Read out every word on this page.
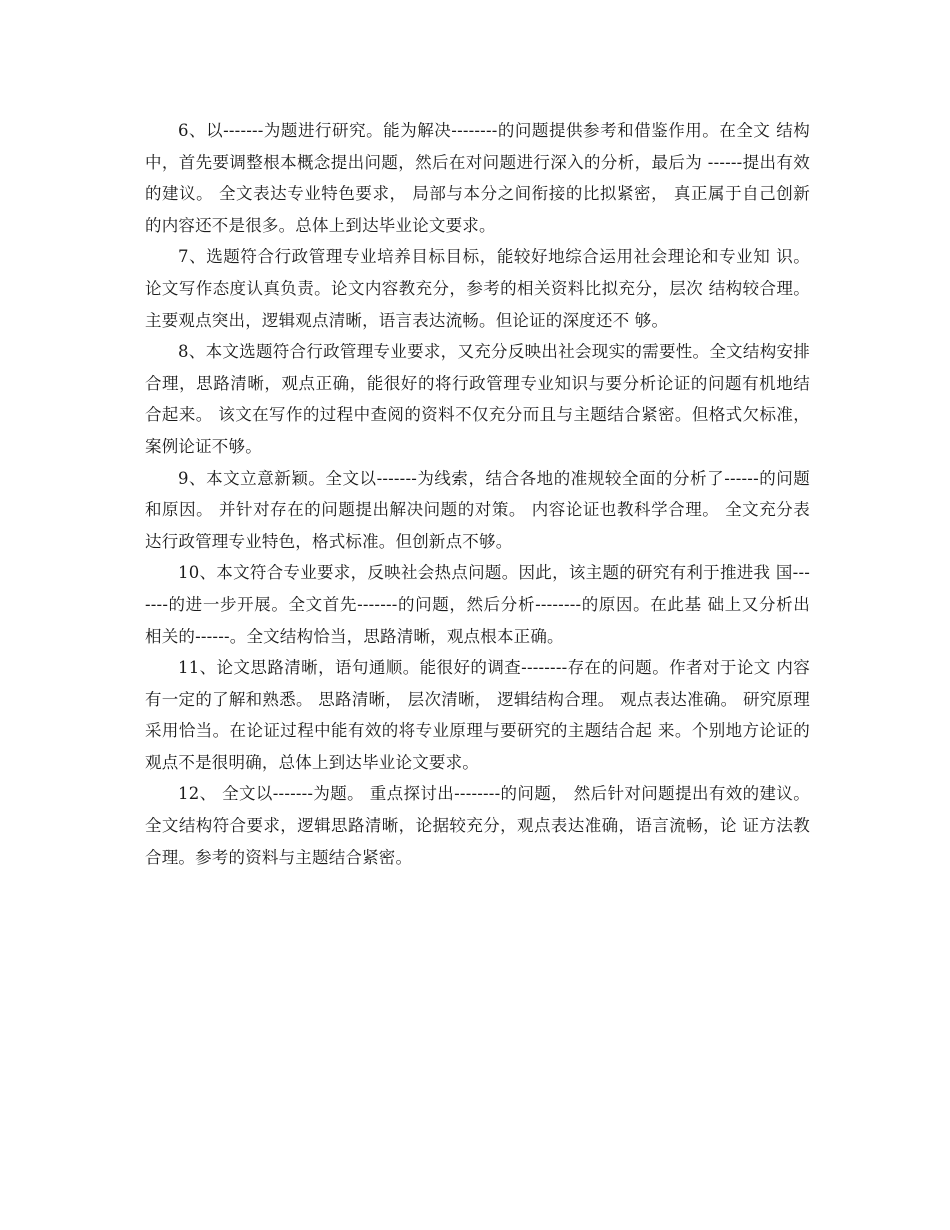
6、以-------为题进行研究。能为解决--------的问题提供参考和借鉴作用。在全文 结构中，首先要调整根本概念提出问题，然后在对问题进行深入的分析，最后为 ------提出有效的建议。 全文表达专业特色要求， 局部与本分之间衔接的比拟紧密， 真正属于自己创新的内容还不是很多。总体上到达毕业论文要求。

7、选题符合行政管理专业培养目标目标，能较好地综合运用社会理论和专业知 识。论文写作态度认真负责。论文内容教充分，参考的相关资料比拟充分，层次 结构较合理。主要观点突出，逻辑观点清晰，语言表达流畅。但论证的深度还不 够。

8、本文选题符合行政管理专业要求，又充分反映出社会现实的需要性。全文结构安排合理，思路清晰，观点正确，能很好的将行政管理专业知识与要分析论证的问题有机地结合起来。 该文在写作的过程中查阅的资料不仅充分而且与主题结合紧密。但格式欠标准，案例论证不够。

9、本文立意新颖。全文以-------为线索，结合各地的准规较全面的分析了------的问题和原因。 并针对存在的问题提出解决问题的对策。 内容论证也教科学合理。 全文充分表达行政管理专业特色，格式标准。但创新点不够。

10、本文符合专业要求，反映社会热点问题。因此，该主题的研究有利于推进我 国-------的进一步开展。全文首先-------的问题，然后分析--------的原因。在此基 础上又分析出相关的------。全文结构恰当，思路清晰，观点根本正确。

11、论文思路清晰，语句通顺。能很好的调查--------存在的问题。作者对于论文 内容有一定的了解和熟悉。 思路清晰， 层次清晰， 逻辑结构合理。 观点表达准确。 研究原理采用恰当。在论证过程中能有效的将专业原理与要研究的主题结合起 来。个别地方论证的观点不是很明确，总体上到达毕业论文要求。

12、 全文以-------为题。 重点探讨出--------的问题， 然后针对问题提出有效的建议。 全文结构符合要求，逻辑思路清晰，论据较充分，观点表达准确，语言流畅，论 证方法教合理。参考的资料与主题结合紧密。
